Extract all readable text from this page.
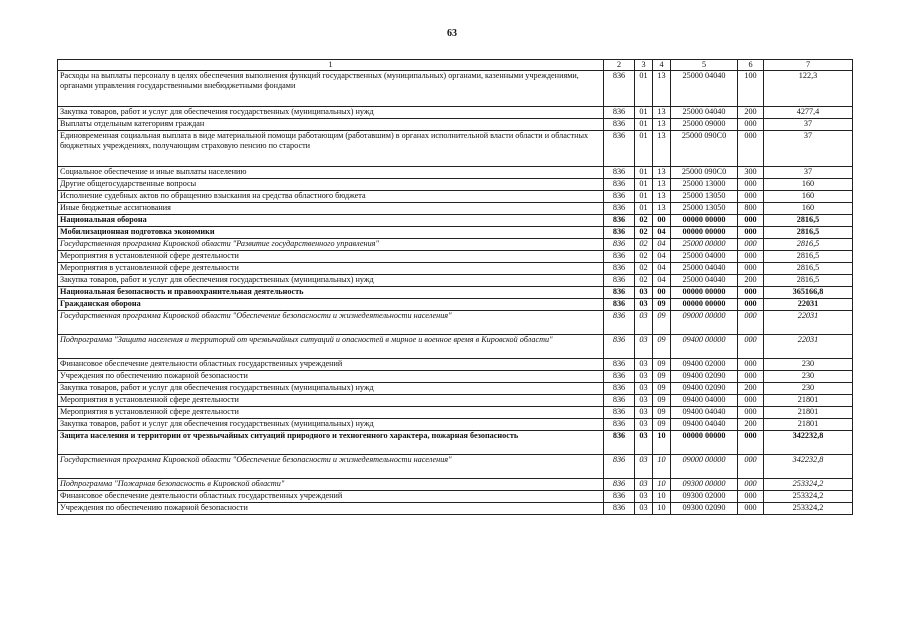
63
1	2	3	4	5	6	7
Расходы на выплаты персоналу в целях обеспечения выполнения функций государственных (муниципальных) органами, казенными учреждениями, органами управления государственными внебюджетными фондами	836	01	13	25000 04040	100	122,3
Закупка товаров, работ и услуг для обеспечения государственных (муниципальных) нужд	836	01	13	25000 04040	200	4277,4
Выплаты отдельным категориям граждан	836	01	13	25000 09000	000	37
Единовременная социальная выплата в виде материальной помощи работающим (работавшим) в органах исполнительной власти области и областных бюджетных учреждениях, получающим страховую пенсию по старости	836	01	13	25000 090С0	000	37
Социальное обеспечение и иные выплаты населению	836	01	13	25000 090С0	300	37
Другие общегосударственные вопросы	836	01	13	25000 13000	000	160
Исполнение судебных актов по обращению взыскания на средства областного бюджета	836	01	13	25000 13050	000	160
Иные бюджетные ассигнования	836	01	13	25000 13050	800	160
Национальная оборона	836	02	00	00000 00000	000	2816,5
Мобилизационная подготовка экономики	836	02	04	00000 00000	000	2816,5
Государственная программа Кировской области "Развитие государственного управления"	836	02	04	25000 00000	000	2816,5
Мероприятия в установленной сфере деятельности	836	02	04	25000 04000	000	2816,5
Мероприятия в установленной сфере деятельности	836	02	04	25000 04040	000	2816,5
Закупка товаров, работ и услуг для обеспечения государственных (муниципальных) нужд	836	02	04	25000 04040	200	2816,5
Национальная безопасность и правоохранительная деятельность	836	03	00	00000 00000	000	365166,8
Гражданская оборона	836	03	09	00000 00000	000	22031
Государственная программа Кировской области "Обеспечение безопасности и жизнедеятельности населения"	836	03	09	09000 00000	000	22031
Подпрограмма "Защита населения и территорий от чрезвычайных ситуаций и опасностей в мирное и военное время в Кировской области"	836	03	09	09400 00000	000	22031
Финансовое обеспечение деятельности областных государственных учреждений	836	03	09	09400 02000	000	230
Учреждения по обеспечению пожарной безопасности	836	03	09	09400 02090	000	230
Закупка товаров, работ и услуг для обеспечения государственных (муниципальных) нужд	836	03	09	09400 02090	200	230
Мероприятия в установленной сфере деятельности	836	03	09	09400 04000	000	21801
Мероприятия в установленной сфере деятельности	836	03	09	09400 04040	000	21801
Закупка товаров, работ и услуг для обеспечения государственных (муниципальных) нужд	836	03	09	09400 04040	200	21801
Защита населения и территории от чрезвычайных ситуаций природного и техногенного характера, пожарная безопасность	836	03	10	00000 00000	000	342232,8
Государственная программа Кировской области "Обеспечение безопасности и жизнедеятельности населения"	836	03	10	09000 00000	000	342232,8
Подпрограмма "Пожарная безопасность в Кировской области"	836	03	10	09300 00000	000	253324,2
Финансовое обеспечение деятельности областных государственных учреждений	836	03	10	09300 02000	000	253324,2
Учреждения по обеспечению пожарной безопасности	836	03	10	09300 02090	000	253324,2
